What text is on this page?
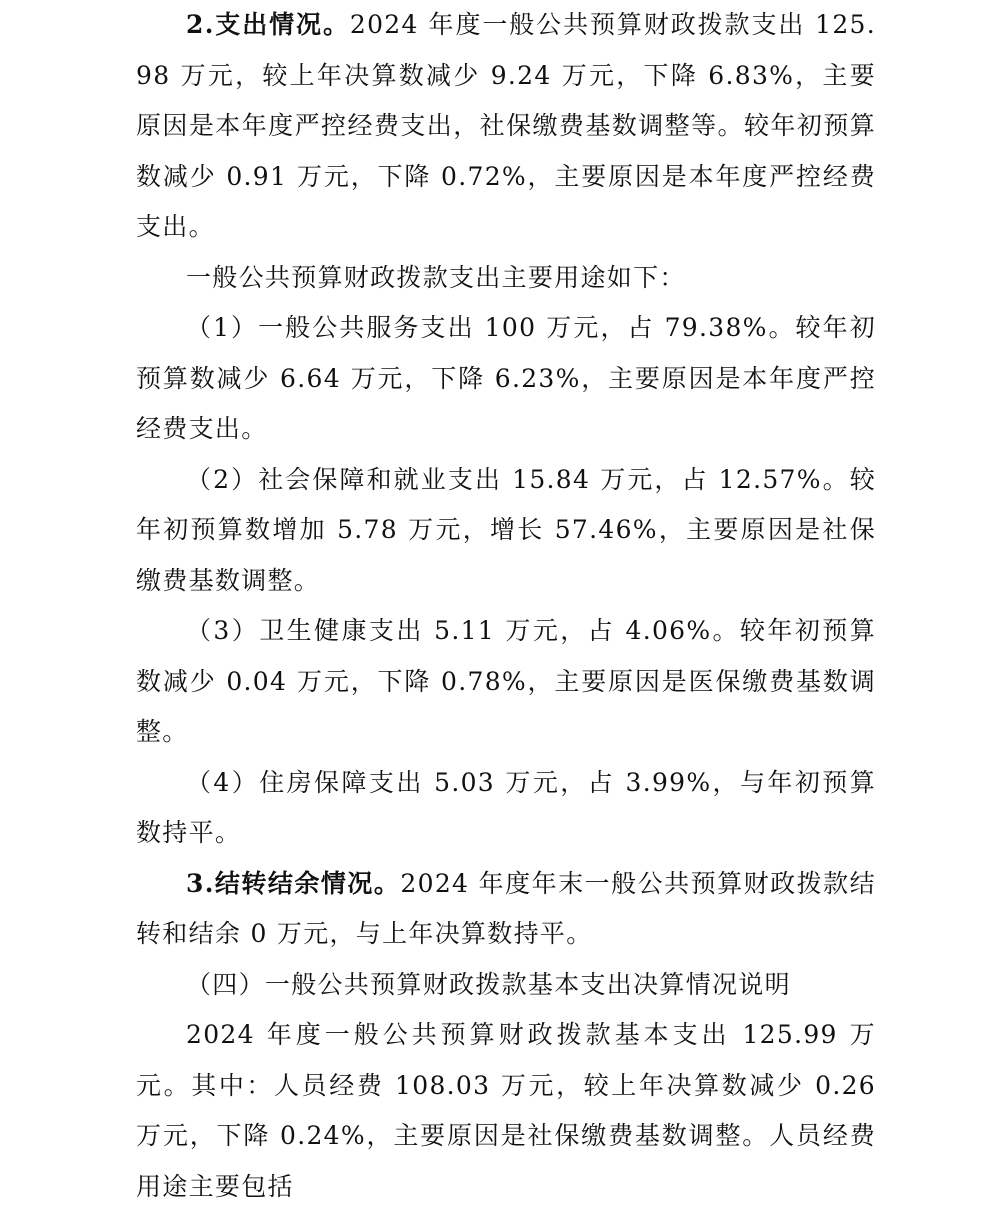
2.支出情况。2024 年度一般公共预算财政拨款支出 125.98 万元，较上年决算数减少 9.24 万元，下降 6.83%，主要原因是本年度严控经费支出，社保缴费基数调整等。较年初预算数减少 0.91 万元，下降 0.72%，主要原因是本年度严控经费支出。

一般公共预算财政拨款支出主要用途如下：

（1）一般公共服务支出 100 万元，占 79.38%。较年初预算数减少 6.64 万元，下降 6.23%，主要原因是本年度严控经费支出。

（2）社会保障和就业支出 15.84 万元，占 12.57%。较年初预算数增加 5.78 万元，增长 57.46%，主要原因是社保缴费基数调整。

（3）卫生健康支出 5.11 万元，占 4.06%。较年初预算数减少 0.04 万元，下降 0.78%，主要原因是医保缴费基数调整。

（4）住房保障支出 5.03 万元，占 3.99%，与年初预算数持平。

3.结转结余情况。2024 年度年末一般公共预算财政拨款结转和结余 0 万元，与上年决算数持平。

（四）一般公共预算财政拨款基本支出决算情况说明

2024 年度一般公共预算财政拨款基本支出 125.99 万元。其中：人员经费 108.03 万元，较上年决算数减少 0.26 万元，下降 0.24%，主要原因是社保缴费基数调整。人员经费用途主要包括
